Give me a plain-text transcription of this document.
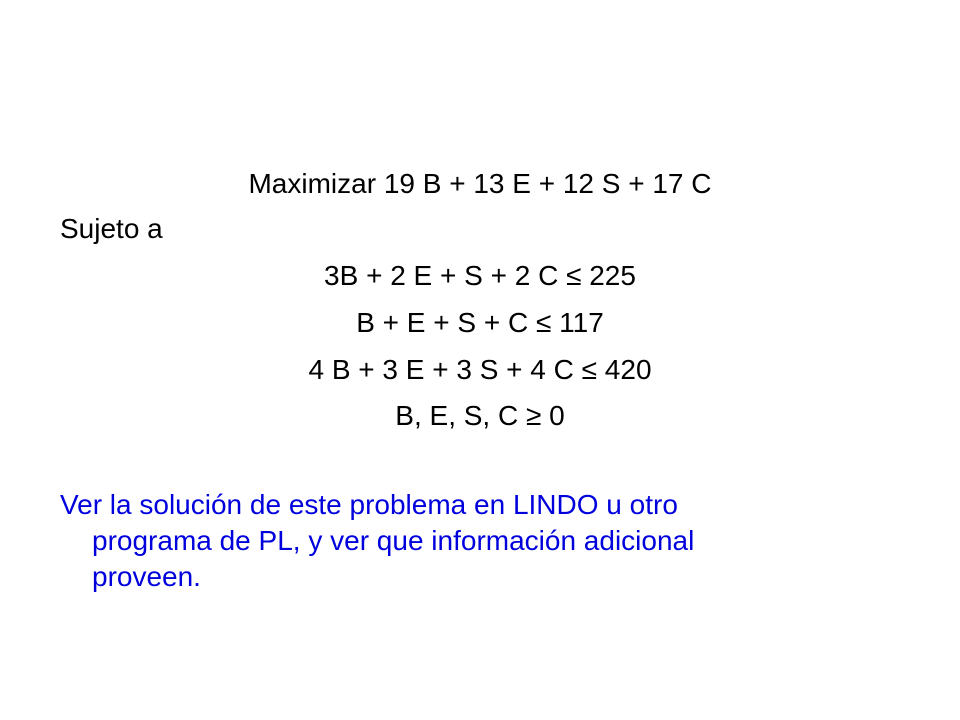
Maximizar 19 B + 13 E + 12 S + 17 C
Sujeto a
3B + 2 E + S + 2 C ≤ 225
B + E + S + C ≤ 117
4 B + 3 E + 3 S + 4 C ≤ 420
B, E, S, C ≥ 0
Ver la solución de este problema en LINDO u otro
programa de PL, y ver que información adicional
proveen.
